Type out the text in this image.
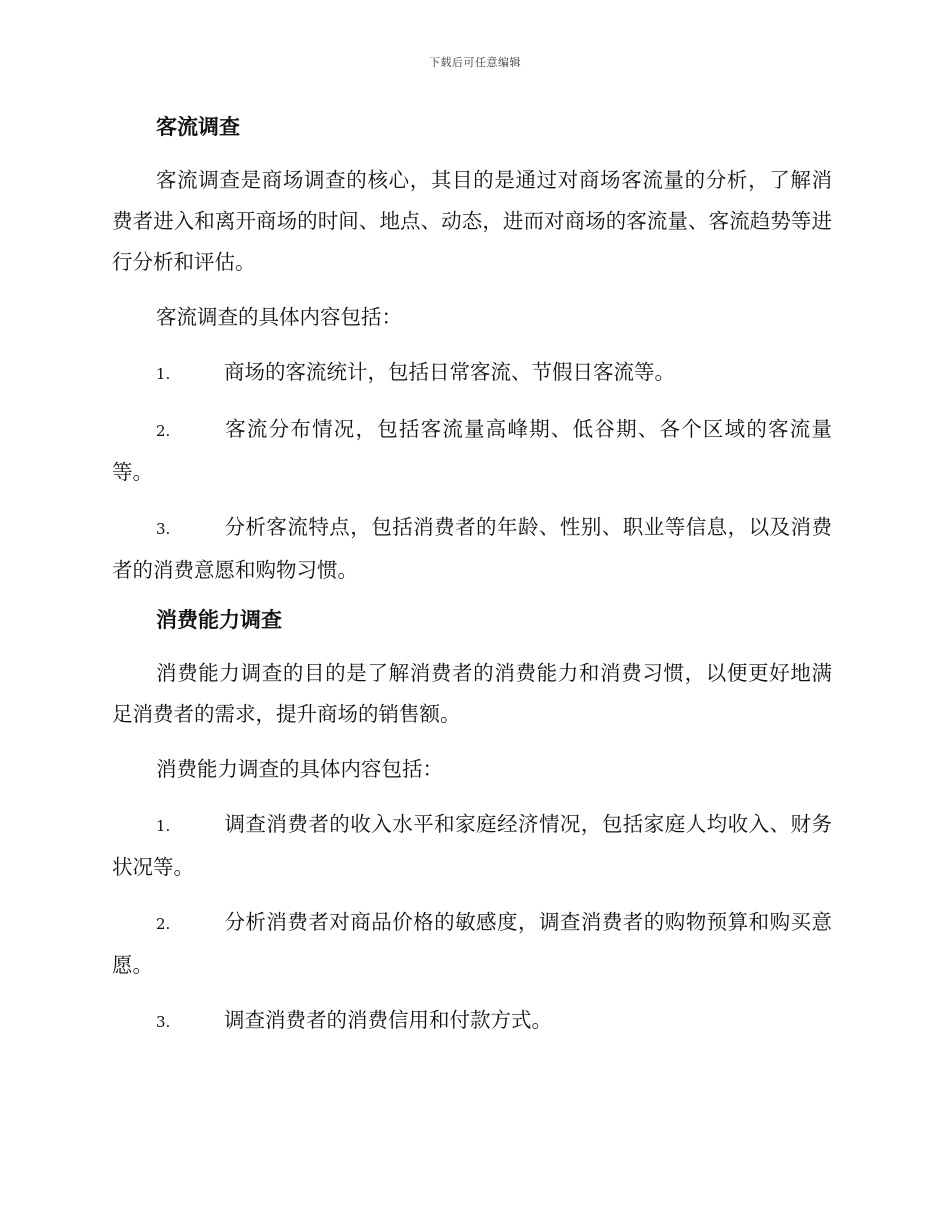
下载后可任意编辑
客流调查

客流调查是商场调查的核心，其目的是通过对商场客流量的分析，了解消费者进入和离开商场的时间、地点、动态，进而对商场的客流量、客流趋势等进行分析和评估。

客流调查的具体内容包括：

1.	商场的客流统计，包括日常客流、节假日客流等。

2.	客流分布情况，包括客流量高峰期、低谷期、各个区域的客流量等。

3.	分析客流特点，包括消费者的年龄、性别、职业等信息，以及消费者的消费意愿和购物习惯。

消费能力调查

消费能力调查的目的是了解消费者的消费能力和消费习惯，以便更好地满足消费者的需求，提升商场的销售额。

消费能力调查的具体内容包括：

1.	调查消费者的收入水平和家庭经济情况，包括家庭人均收入、财务状况等。

2.	分析消费者对商品价格的敏感度，调查消费者的购物预算和购买意愿。

3.	调查消费者的消费信用和付款方式。
